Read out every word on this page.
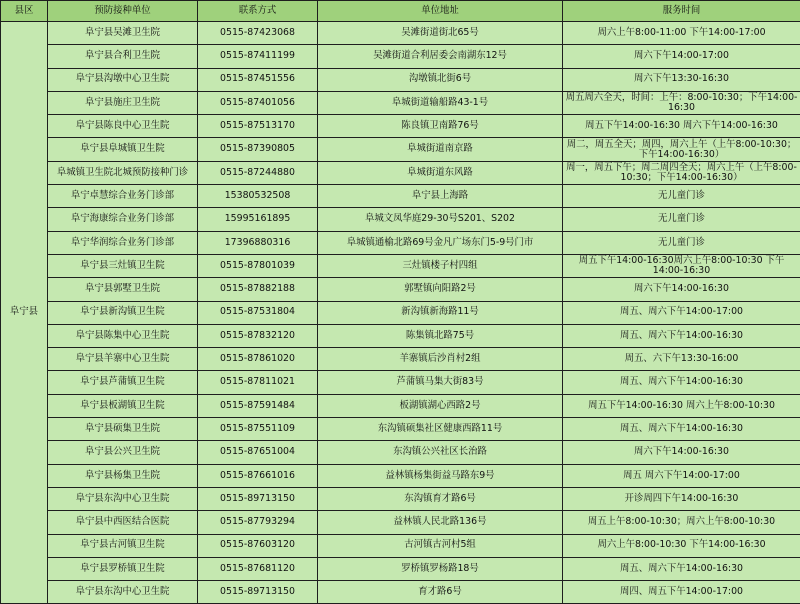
县区	预防接种单位	联系方式	单位地址	服务时间
阜宁县	阜宁县吴滩卫生院	0515-87423068	吴滩街道街北65号	周六上午8:00-11:00 下午14:00-17:00
	阜宁县合利卫生院	0515-87411199	吴滩街道合利居委会南湖东12号	周六下午14:00-17:00
	阜宁县沟墩中心卫生院	0515-87451556	沟墩镇北街6号	周六下午13:30-16:30
	阜宁县施庄卫生院	0515-87401056	阜城街道输船路43-1号	周五周六全天，时间：上午：8:00-10:30；下午14:00-16:30
	阜宁县陈良中心卫生院	0515-87513170	陈良镇卫南路76号	周五下午14:00-16:30 周六下午14:00-16:30
	阜宁县阜城镇卫生院	0515-87390805	阜城街道南京路	周二，周五全天；周四，周六上午（上午8:00-10:30；下午14:00-16:30）
	阜城镇卫生院北城预防接种门诊	0515-87244880	阜城街道东风路	周一，周五下午；周二周四全天；周六上午（上午8:00-10:30；下午14:00-16:30）
	阜宁卓慧综合业务门诊部	15380532508	阜宁县上海路	无儿童门诊
	阜宁海康综合业务门诊部	15995161895	阜城文凤华庭29-30号S201、S202	无儿童门诊
	阜宁华润综合业务门诊部	17396880316	阜城镇通榆北路69号金凡广场东门5-9号门市	无儿童门诊
	阜宁县三灶镇卫生院	0515-87801039	三灶镇楼子村四组	周五下午14:00-16:30周六上午8:00-10:30 下午14:00-16:30
	阜宁县郭墅卫生院	0515-87882188	郭墅镇向阳路2号	周六下午14:00-16:30
	阜宁县新沟镇卫生院	0515-87531804	新沟镇新海路11号	周五、周六下午14:00-17:00
	阜宁县陈集中心卫生院	0515-87832120	陈集镇北路75号	周五、周六下午14:00-16:30
	阜宁县羊寨中心卫生院	0515-87861020	羊寨镇后沙肖村2组	周五、六下午13:30-16:00
	阜宁县芦蒲镇卫生院	0515-87811021	芦蒲镇马集大街83号	周五、周六下午14:00-16:30
	阜宁县板湖镇卫生院	0515-87591484	板湖镇湖心西路2号	周五下午14:00-16:30 周六上午8:00-10:30
	阜宁县硕集卫生院	0515-87551109	东沟镇硕集社区健康西路11号	周五、周六下午14:00-16:30
	阜宁县公兴卫生院	0515-87651004	东沟镇公兴社区长治路	周六下午14:00-16:30
	阜宁县杨集卫生院	0515-87661016	益林镇杨集街益马路东9号	周五 周六下午14:00-17:00
	阜宁县东沟中心卫生院	0515-89713150	东沟镇育才路6号	开诊周四下午14:00-16:30
	阜宁县中西医结合医院	0515-87793294	益林镇人民北路136号	周五上午8:00-10:30；周六上午8:00-10:30
	阜宁县古河镇卫生院	0515-87603120	古河镇古河村5组	周六上午8:00-10:30 下午14:00-16:30
	阜宁县罗桥镇卫生院	0515-87681120	罗桥镇罗杨路18号	周五、周六下午14:00-16:30
	阜宁县东沟中心卫生院	0515-89713150	育才路6号	周四、周五下午14:00-17:00
